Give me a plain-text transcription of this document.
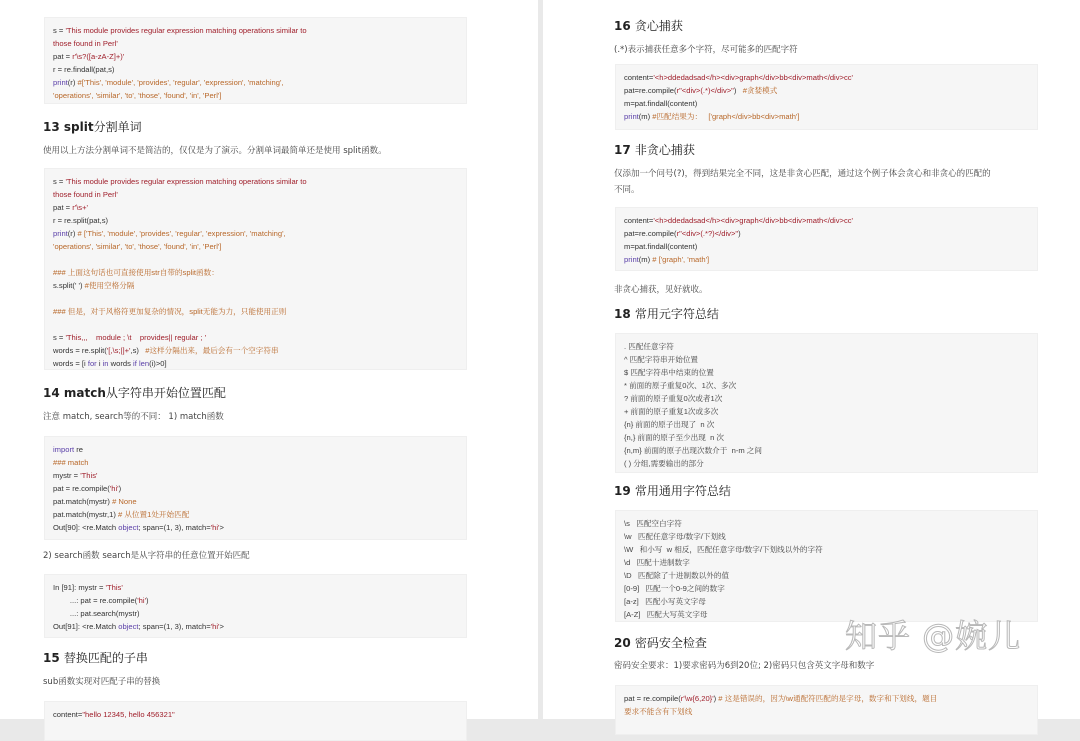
s = 'This module provides regular expression matching operations similar to
those found in Perl'
pat = r'\s?([a-zA-Z]+)'
r = re.findall(pat,s)
print(r) #['This', 'module', 'provides', 'regular', 'expression', 'matching',
'operations', 'similar', 'to', 'those', 'found', 'in', 'Perl']
13 split分割单词
使用以上方法分割单词不是简洁的，仅仅是为了演示。分割单词最简单还是使用 split函数。
s = 'This module provides regular expression matching operations similar to
those found in Perl'
pat = r'\s+'
r = re.split(pat,s)
print(r) # ['This', 'module', 'provides', 'regular', 'expression', 'matching',
'operations', 'similar', 'to', 'those', 'found', 'in', 'Perl']
### 上面这句话也可直接使用str自带的split函数：
s.split(' ') #使用空格分隔
### 但是，对于风格符更加复杂的情况，split无能为力，只能使用正则
s = 'This,,,    module ; \t    provides|| regular ; '
words = re.split('[,\s;|]+',s)   #这样分隔出来，最后会有一个空字符串
words = [i for i in words if len(i)>0]
14 match从字符串开始位置匹配
注意 match, search等的不同： 1) match函数
import re
### match
mystr = 'This'
pat = re.compile('hi')
pat.match(mystr) # None
pat.match(mystr,1) # 从位置1处开始匹配
Out[90]: <re.Match object; span=(1, 3), match='hi'>
2) search函数 search是从字符串的任意位置开始匹配
In [91]: mystr = 'This'
...: pat = re.compile('hi')
...: pat.search(mystr)
Out[91]: <re.Match object; span=(1, 3), match='hi'>
15 替换匹配的子串
sub函数实现对匹配子串的替换
content="hello 12345, hello 456321"
16 贪心捕获
(.*)表示捕获任意多个字符，尽可能多的匹配字符
content='<h>ddedadsad</h><div>graph</div>bb<div>math</div>cc'
pat=re.compile(r"<div>(.*)</div>")   #贪婪模式
m=pat.findall(content)
print(m) #匹配结果为：   ['graph</div>bb<div>math']
17 非贪心捕获
仅添加一个问号(?)，得到结果完全不同，这是非贪心匹配，通过这个例子体会贪心和非贪心的匹配的
不同。
content='<h>ddedadsad</h><div>graph</div>bb<div>math</div>cc'
pat=re.compile(r"<div>(.*?)</div>")
m=pat.findall(content)
print(m) # ['graph', 'math']
非贪心捕获，见好就收。
18 常用元字符总结
. 匹配任意字符
^ 匹配字符串开始位置
$ 匹配字符串中结束的位置
* 前面的原子重复0次、1次、多次
? 前面的原子重复0次或者1次
+ 前面的原子重复1次或多次
{n} 前面的原子出现了  n 次
{n,} 前面的原子至少出现  n 次
{n,m} 前面的原子出现次数介于  n-m 之间
( ) 分组,需要输出的部分
19 常用通用字符总结
\s   匹配空白字符
\w   匹配任意字母/数字/下划线
\W   和小写  w 相反，匹配任意字母/数字/下划线以外的字符
\d   匹配十进制数字
\D   匹配除了十进制数以外的值
[0-9]   匹配一个0-9之间的数字
[a-z]   匹配小写英文字母
[A-Z]   匹配大写英文字母
20 密码安全检查
密码安全要求：1)要求密码为6到20位; 2)密码只包含英文字母和数字
pat = re.compile(r'\w{6,20}') # 这是错误的，因为\w通配符匹配的是字母，数字和下划线，题目
要求不能含有下划线
知乎 @婉儿
